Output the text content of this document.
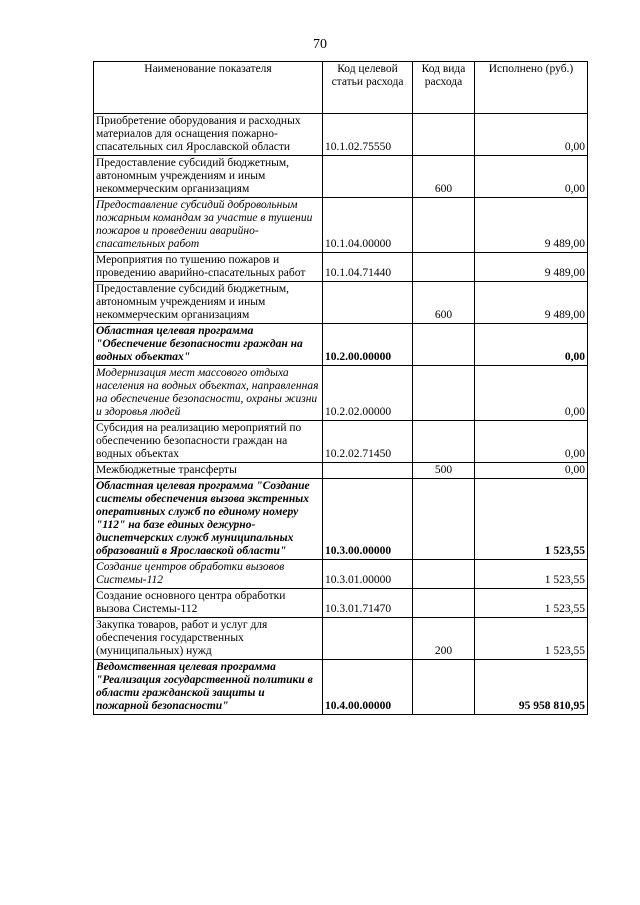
70
Наименование показателя	Код целевой статьи расхода	Код вида расхода	Исполнено (руб.)
Приобретение оборудования и расходных материалов для оснащения пожарно-спасательных сил Ярославской области	10.1.02.75550		0,00
Предоставление субсидий бюджетным, автономным учреждениям и иным некоммерческим организациям		600	0,00
Предоставление субсидий добровольным пожарным командам за участие в тушении пожаров и проведении аварийно-спасательных работ	10.1.04.00000		9 489,00
Мероприятия по тушению пожаров и проведению аварийно-спасательных работ	10.1.04.71440		9 489,00
Предоставление субсидий бюджетным, автономным учреждениям и иным некоммерческим организациям		600	9 489,00
Областная целевая программа "Обеспечение безопасности граждан на водных объектах"	10.2.00.00000		0,00
Модернизация мест массового отдыха населения на водных объектах, направленная на обеспечение безопасности, охраны жизни и здоровья людей	10.2.02.00000		0,00
Субсидия на реализацию мероприятий по обеспечению безопасности граждан на водных объектах	10.2.02.71450		0,00
Межбюджетные трансферты		500	0,00
Областная целевая программа "Создание системы обеспечения вызова экстренных оперативных служб по единому номеру "112" на базе единых дежурно-диспетчерских служб муниципальных образований в Ярославской области"	10.3.00.00000		1 523,55
Создание центров обработки вызовов Системы-112	10.3.01.00000		1 523,55
Создание основного центра обработки вызова Системы-112	10.3.01.71470		1 523,55
Закупка товаров, работ и услуг для обеспечения государственных (муниципальных) нужд		200	1 523,55
Ведомственная целевая программа "Реализация государственной политики в области гражданской защиты и пожарной безопасности"	10.4.00.00000		95 958 810,95
